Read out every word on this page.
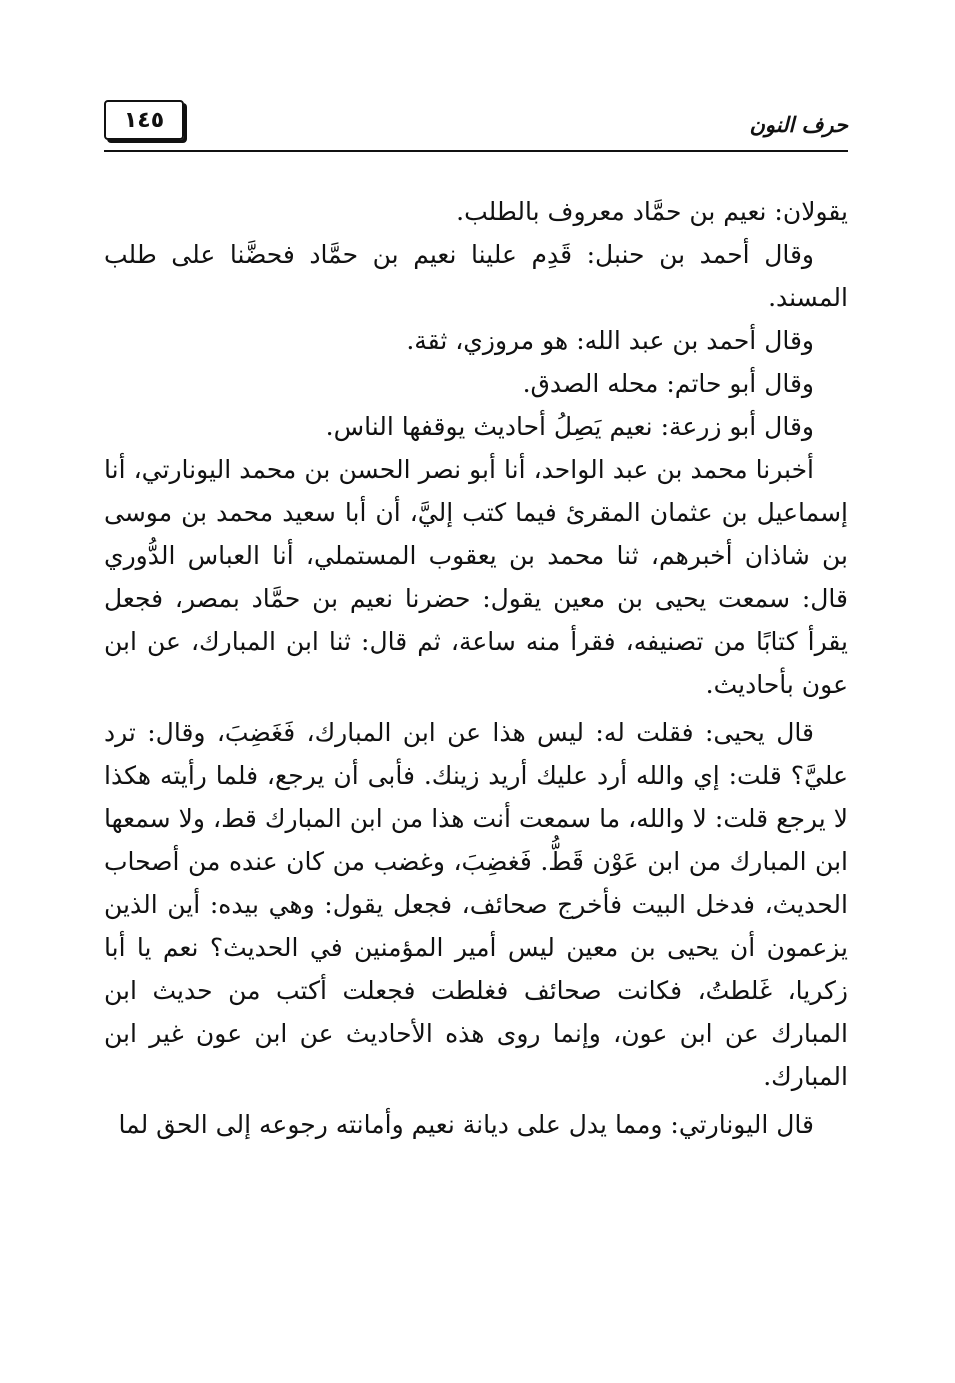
١٤٥	حرف النون

يقولان: نعيم بن حمَّاد معروف بالطلب.

وقال أحمد بن حنبل: قَدِم علينا نعيم بن حمَّاد فحضَّنا على طلب المسند.

وقال أحمد بن عبد الله: هو مروزي، ثقة.

وقال أبو حاتم: محله الصدق.

وقال أبو زرعة: نعيم يَصِلُ أحاديث يوقفها الناس.

أخبرنا محمد بن عبد الواحد، أنا أبو نصر الحسن بن محمد اليونارتي، أنا إسماعيل بن عثمان المقرئ فيما كتب إليَّ، أن أبا سعيد محمد بن موسى بن شاذان أخبرهم، ثنا محمد بن يعقوب المستملي، أنا العباس الدُّوري قال: سمعت يحيى بن معين يقول: حضرنا نعيم بن حمَّاد بمصر، فجعل يقرأ كتابًا من تصنيفه، فقرأ منه ساعة، ثم قال: ثنا ابن المبارك، عن ابن عون بأحاديث.

قال يحيى: فقلت له: ليس هذا عن ابن المبارك، فَغَضِبَ، وقال: ترد عليَّ؟ قلت: إي والله أرد عليك أريد زينك. فأبى أن يرجع، فلما رأيته هكذا لا يرجع قلت: لا والله، ما سمعت أنت هذا من ابن المبارك قط، ولا سمعها ابن المبارك من ابن عَوْن قَطُّ. فَغضِبَ، وغضب من كان عنده من أصحاب الحديث، فدخل البيت فأخرج صحائف، فجعل يقول: وهي بيده: أين الذين يزعمون أن يحيى بن معين ليس أمير المؤمنين في الحديث؟ نعم يا أبا زكريا، غَلطتُ، فكانت صحائف فغلطت فجعلت أكتب من حديث ابن المبارك عن ابن عون، وإنما روى هذه الأحاديث عن ابن عون غير ابن المبارك.

قال اليونارتي: ومما يدل على ديانة نعيم وأمانته رجوعه إلى الحق لما
